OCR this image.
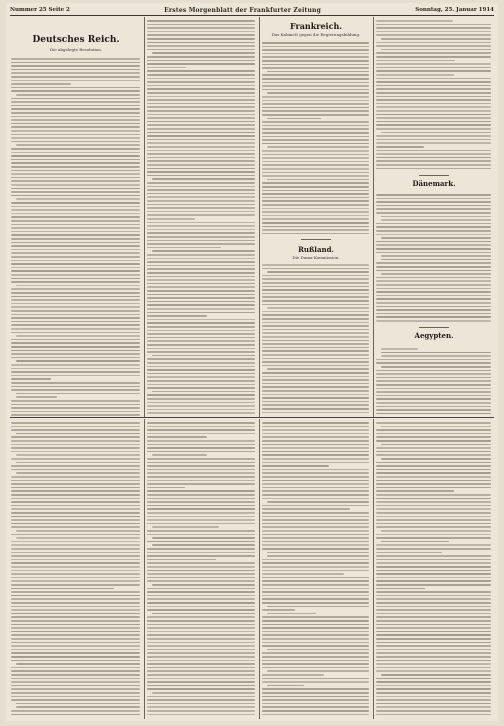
Nummer 25 Seite 2	Erstes Morgenblatt der Frankfurter Zeitung	Sonntag, 25. Januar 1914
Deutsches Reich.
Die abgelegte Resolution.
Frankreich.
Das Kabinett gegen die Regierungsbildung.
Rußland.
Die Duma-Kommission.
Dänemark.
Aegypten.
